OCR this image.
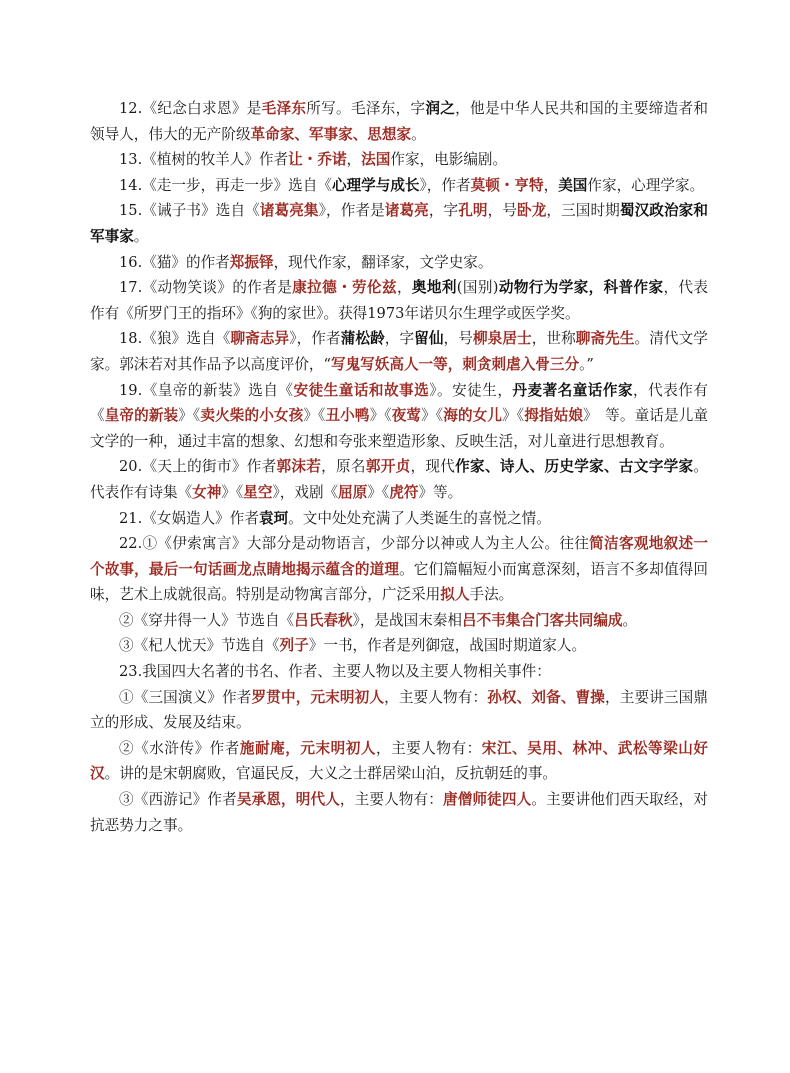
12.《纪念白求恩》是毛泽东所写。毛泽东，字润之，他是中华人民共和国的主要缔造者和领导人，伟大的无产阶级革命家、军事家、思想家。

13.《植树的牧羊人》作者让・乔诺，法国作家，电影编剧。

14.《走一步，再走一步》选自《心理学与成长》，作者莫顿・亨特，美国作家，心理学家。

15.《诫子书》选自《诸葛亮集》，作者是诸葛亮，字孔明，号卧龙，三国时期蜀汉政治家和军事家。

16.《猫》的作者郑振铎，现代作家，翻译家，文学史家。

17.《动物笑谈》的作者是康拉德・劳伦兹，奥地利(国别)动物行为学家，科普作家，代表作有《所罗门王的指环》《狗的家世》。获得1973年诺贝尔生理学或医学奖。

18.《狼》选自《聊斋志异》，作者蒲松龄，字留仙，号柳泉居士，世称聊斋先生。清代文学家。郭沫若对其作品予以高度评价，“写鬼写妖高人一等，刺贪刺虐入骨三分。”

19.《皇帝的新装》选自《安徒生童话和故事选》。安徒生，丹麦著名童话作家，代表作有《皇帝的新装》《卖火柴的小女孩》《丑小鸭》《夜莺》《海的女儿》《拇指姑娘》　等。童话是儿童文学的一种，通过丰富的想象、幻想和夸张来塑造形象、反映生活，对儿童进行思想教育。

20.《天上的街市》作者郭沫若，原名郭开贞，现代作家、诗人、历史学家、古文字学家。代表作有诗集《女神》《星空》，戏剧《屈原》《虎符》等。

21.《女娲造人》作者袁珂。文中处处充满了人类诞生的喜悦之情。

22.①《伊索寓言》大部分是动物语言，少部分以神或人为主人公。往往简洁客观地叙述一个故事，最后一句话画龙点睛地揭示蕴含的道理。它们篇幅短小而寓意深刻，语言不多却值得回味，艺术上成就很高。特别是动物寓言部分，广泛采用拟人手法。

②《穿井得一人》节选自《吕氏春秋》，是战国末秦相吕不韦集合门客共同编成。

③《杞人忧天》节选自《列子》一书，作者是列御寇，战国时期道家人。

23.我国四大名著的书名、作者、主要人物以及主要人物相关事件：

①《三国演义》作者罗贯中，元末明初人，主要人物有：孙权、刘备、曹操，主要讲三国鼎立的形成、发展及结束。

②《水浒传》作者施耐庵，元末明初人，主要人物有：宋江、吴用、林冲、武松等梁山好汉。讲的是宋朝腐败，官逼民反，大义之士群居梁山泊，反抗朝廷的事。

③《西游记》作者吴承恩，明代人，主要人物有：唐僧师徒四人。主要讲他们西天取经，对抗恶势力之事。
